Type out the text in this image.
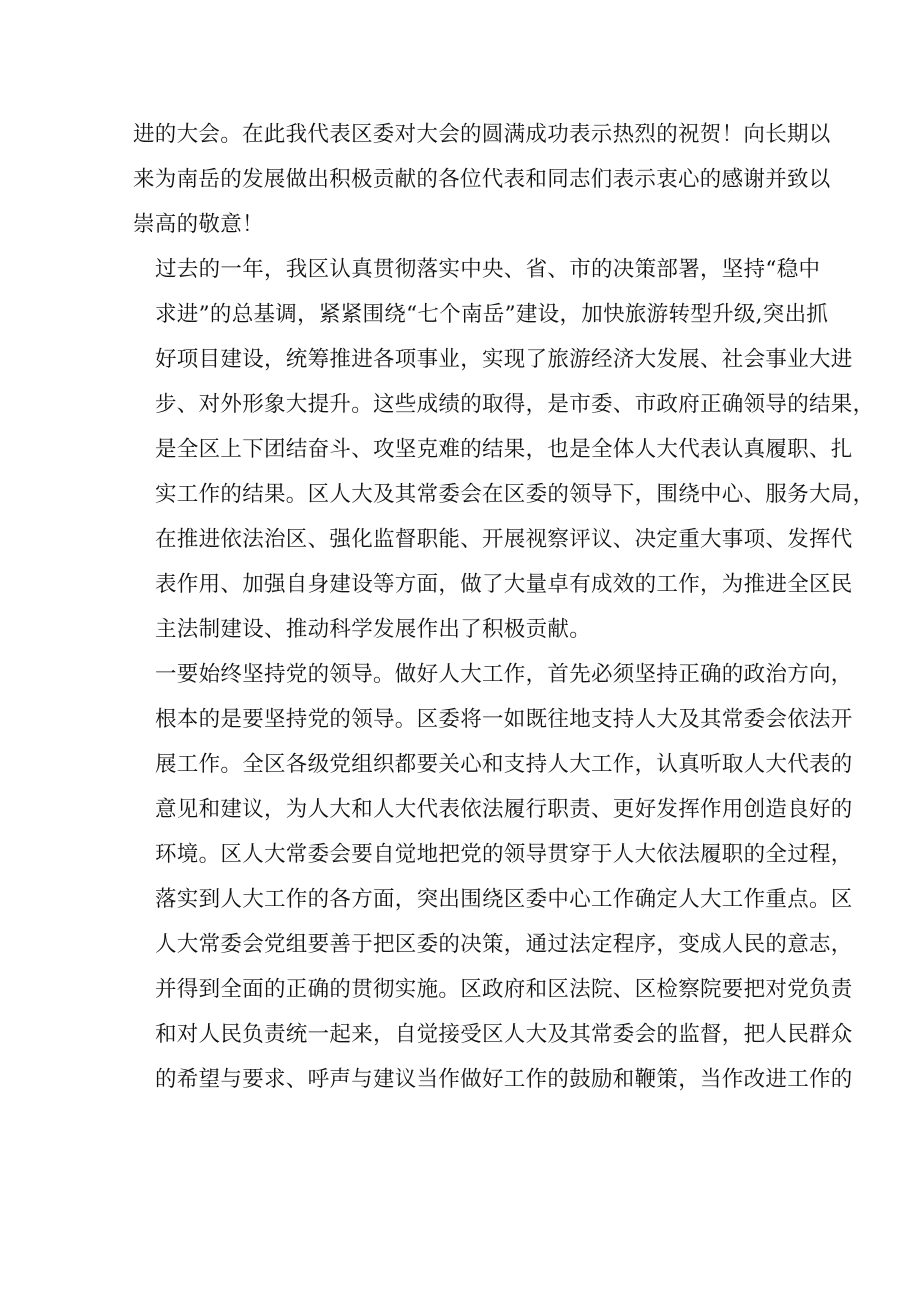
进的大会。在此我代表区委对大会的圆满成功表示热烈的祝贺！向长期以
来为南岳的发展做出积极贡献的各位代表和同志们表示衷心的感谢并致以
崇高的敬意！

过去的一年，我区认真贯彻落实中央、省、市的决策部署，坚持“稳中
求进”的总基调，紧紧围绕“七个南岳”建设，加快旅游转型升级,突出抓
好项目建设，统筹推进各项事业，实现了旅游经济大发展、社会事业大进
步、对外形象大提升。这些成绩的取得，是市委、市政府正确领导的结果，
是全区上下团结奋斗、攻坚克难的结果，也是全体人大代表认真履职、扎
实工作的结果。区人大及其常委会在区委的领导下，围绕中心、服务大局，
在推进依法治区、强化监督职能、开展视察评议、决定重大事项、发挥代
表作用、加强自身建设等方面，做了大量卓有成效的工作，为推进全区民
主法制建设、推动科学发展作出了积极贡献。

一要始终坚持党的领导。做好人大工作，首先必须坚持正确的政治方向，
根本的是要坚持党的领导。区委将一如既往地支持人大及其常委会依法开
展工作。全区各级党组织都要关心和支持人大工作，认真听取人大代表的
意见和建议，为人大和人大代表依法履行职责、更好发挥作用创造良好的
环境。区人大常委会要自觉地把党的领导贯穿于人大依法履职的全过程，
落实到人大工作的各方面，突出围绕区委中心工作确定人大工作重点。区
人大常委会党组要善于把区委的决策，通过法定程序，变成人民的意志，
并得到全面的正确的贯彻实施。区政府和区法院、区检察院要把对党负责
和对人民负责统一起来，自觉接受区人大及其常委会的监督，把人民群众
的希望与要求、呼声与建议当作做好工作的鼓励和鞭策，当作改进工作的
